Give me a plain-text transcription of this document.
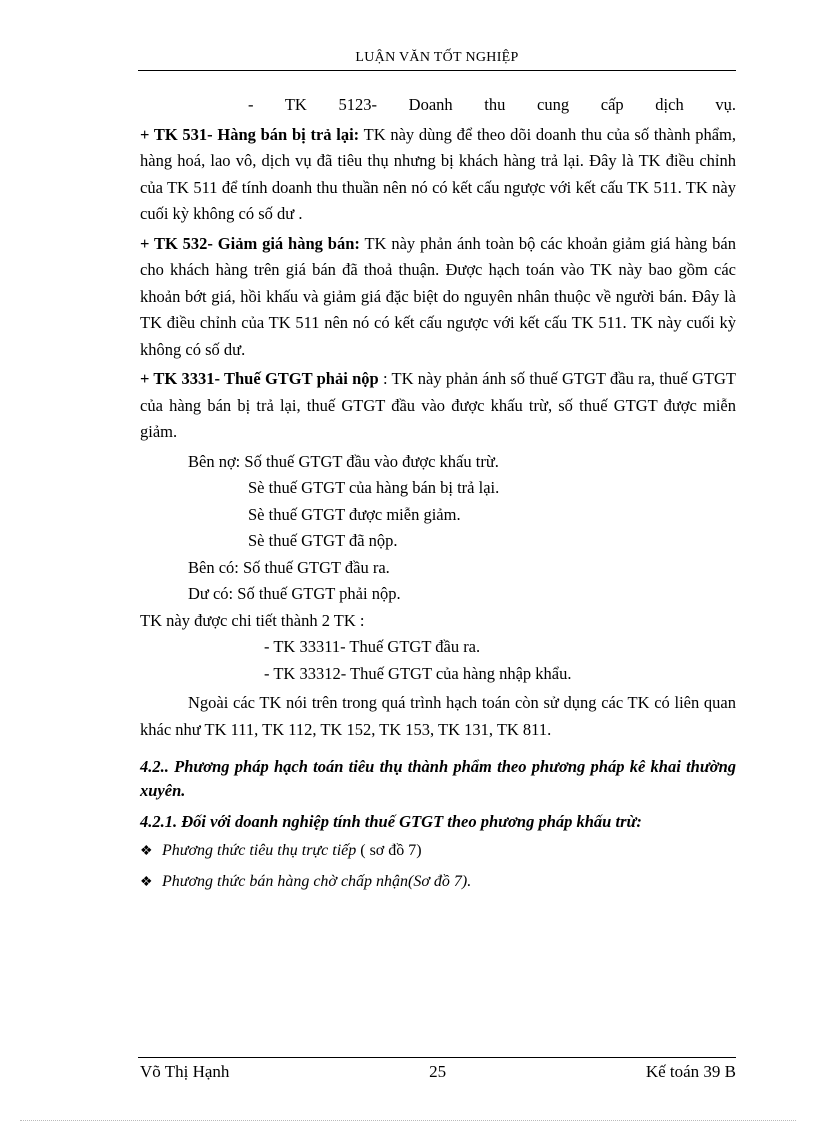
LUẬN VĂN TỐT NGHIỆP

- TK 5123- Doanh thu cung cấp dịch vụ.

+ TK 531- Hàng bán bị trả lại: TK này dùng để theo dõi doanh thu của số thành phẩm, hàng hoá, lao vô, dịch vụ đã tiêu thụ nhưng bị khách hàng trả lại. Đây là TK điều chỉnh của TK 511 để tính doanh thu thuần nên nó có kết cấu ngược với kết cấu TK 511. TK này cuối kỳ không có số dư .

+ TK 532- Giảm giá hàng bán: TK này phản ánh toàn bộ các khoản giảm giá hàng bán cho khách hàng trên giá bán đã thoả thuận. Được hạch toán vào TK này bao gồm các khoản bớt giá, hồi khấu và giảm giá đặc biệt do nguyên nhân thuộc về người bán. Đây là TK điều chỉnh của TK 511 nên nó có kết cấu ngược với kết cấu TK 511. TK này cuối kỳ không có số dư.

+ TK 3331- Thuế GTGT phải nộp : TK này phản ánh số thuế GTGT đầu ra, thuế GTGT của hàng bán bị trả lại, thuế GTGT đầu vào được khấu trừ, số thuế GTGT được miễn giảm.

Bên nợ: Số thuế GTGT đầu vào được khấu trừ.

Sè thuế GTGT của hàng bán bị trả lại.

Sè thuế GTGT được miễn giảm.

Sè thuế GTGT đã nộp.

Bên có: Số thuế GTGT đầu ra.

Dư có: Số thuế GTGT phải nộp.

TK này được chi tiết thành 2 TK :

- TK 33311- Thuế GTGT đầu ra.

- TK 33312- Thuế GTGT của hàng nhập khẩu.

Ngoài các TK nói trên trong quá trình hạch toán còn sử dụng các TK có liên quan khác như TK 111, TK 112, TK 152, TK 153, TK 131, TK 811.

4.2.. Phương pháp hạch toán tiêu thụ thành phẩm theo phương pháp kê khai thường xuyên.

4.2.1. Đối với doanh nghiệp tính thuế GTGT theo phương pháp khấu trừ:

❖ Phương thức tiêu thụ trực tiếp ( sơ đồ 7)

❖ Phương thức bán hàng chờ chấp nhận(Sơ đồ 7).

Võ Thị Hạnh	25	Kế toán 39 B
